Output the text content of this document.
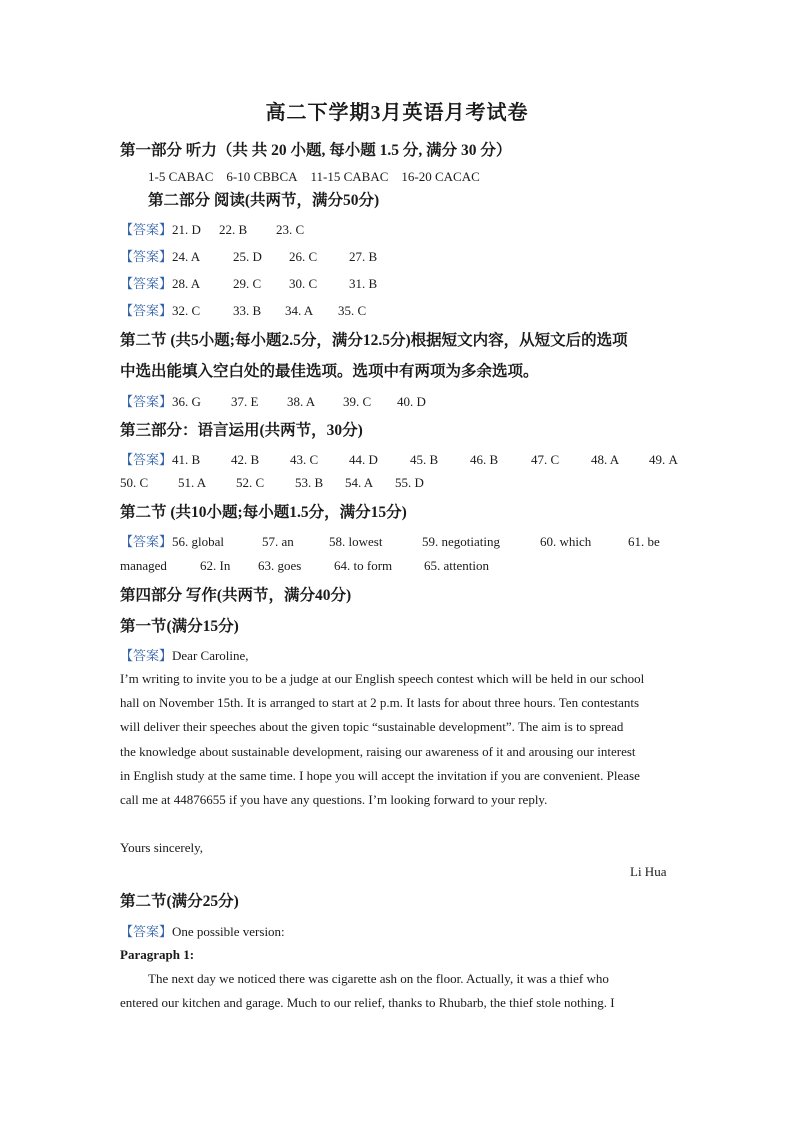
高二下学期3月英语月考试卷
第一部分 听力（共 共 20 小题, 每小题 1.5 分, 满分 30 分）
1-5 CABAC 6-10 CBBCA 11-15 CABAC 16-20 CACAC
第二部分 阅读(共两节，满分50分)
【答案】21. D 22. B 23. C
【答案】24. A	25. D 26. C 27. B
【答案】28. A	29. C 30. C 31. B
【答案】32. C	33. B 34. A 35. C
第二节 (共5小题;每小题2.5分，满分12.5分)根据短文内容，从短文后的选项
中选出能填入空白处的最佳选项。选项中有两项为多余选项。
【答案】36. G 37. E 38. A 39. C 40. D
第三部分：语言运用(共两节，30分)
【答案】41. B 42. B 43. C 44. D 45. B 46. B	47. C 48. A 49. A
50. C 51. A 52. C 53. B 54. A 55. D
第二节 (共10小题;每小题1.5分，满分15分)
【答案】56. global	57. an	58. lowest	59. negotiating	60. which	61. be
managed	62. In 63. goes	64. to form 65. attention
第四部分 写作(共两节，满分40分)
第一节(满分15分)
【答案】Dear Caroline,
I’m writing to invite you to be a judge at our English speech contest which will be held in our school
hall on November 15th. It is arranged to start at 2 p.m. It lasts for about three hours. Ten contestants
will deliver their speeches about the given topic “sustainable development”. The aim is to spread
the knowledge about sustainable development, raising our awareness of it and arousing our interest
in English study at the same time. I hope you will accept the invitation if you are convenient. Please
call me at 44876655 if you have any questions. I’m looking forward to your reply.
Yours sincerely,
Li Hua
第二节(满分25分)
【答案】One possible version:
Paragraph 1:
The next day we noticed there was cigarette ash on the floor. Actually, it was a thief who
entered our kitchen and garage. Much to our relief, thanks to Rhubarb, the thief stole nothing. I
